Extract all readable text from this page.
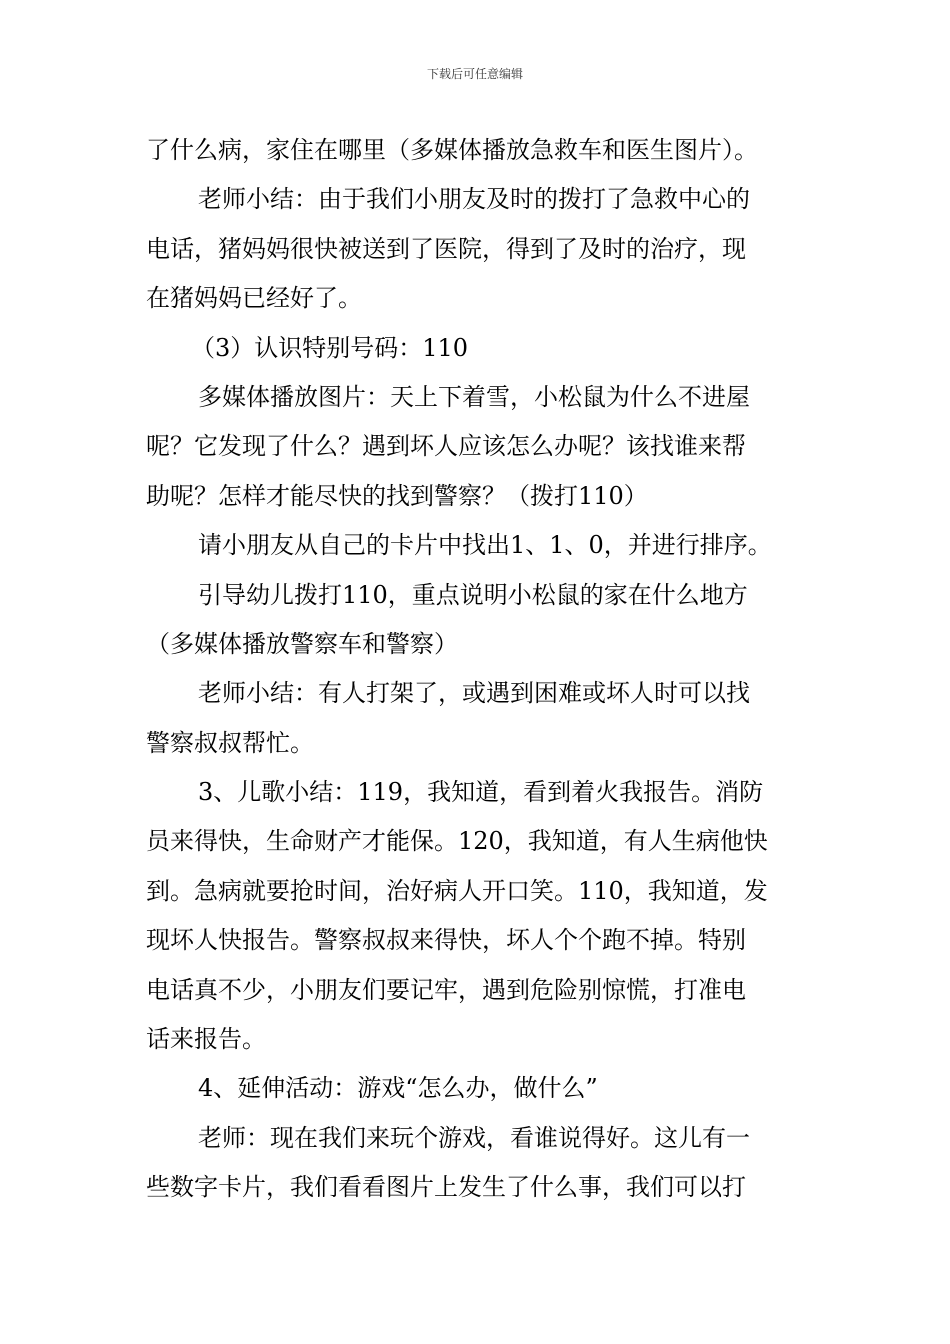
下载后可任意编辑
了什么病，家住在哪里（多媒体播放急救车和医生图片）。
老师小结：由于我们小朋友及时的拨打了急救中心的
电话，猪妈妈很快被送到了医院，得到了及时的治疗，现
在猪妈妈已经好了。
（3）认识特别号码：110
多媒体播放图片：天上下着雪，小松鼠为什么不进屋
呢？它发现了什么？遇到坏人应该怎么办呢？该找谁来帮
助呢？怎样才能尽快的找到警察？（拨打110）
请小朋友从自己的卡片中找出1、1、0，并进行排序。
引导幼儿拨打110，重点说明小松鼠的家在什么地方
（多媒体播放警察车和警察）
老师小结：有人打架了，或遇到困难或坏人时可以找
警察叔叔帮忙。
3、儿歌小结：119，我知道，看到着火我报告。消防
员来得快，生命财产才能保。120，我知道，有人生病他快
到。急病就要抢时间，治好病人开口笑。110，我知道，发
现坏人快报告。警察叔叔来得快，坏人个个跑不掉。特别
电话真不少，小朋友们要记牢，遇到危险别惊慌，打准电
话来报告。
4、延伸活动：游戏“怎么办，做什么”
老师：现在我们来玩个游戏，看谁说得好。这儿有一
些数字卡片，我们看看图片上发生了什么事，我们可以打
